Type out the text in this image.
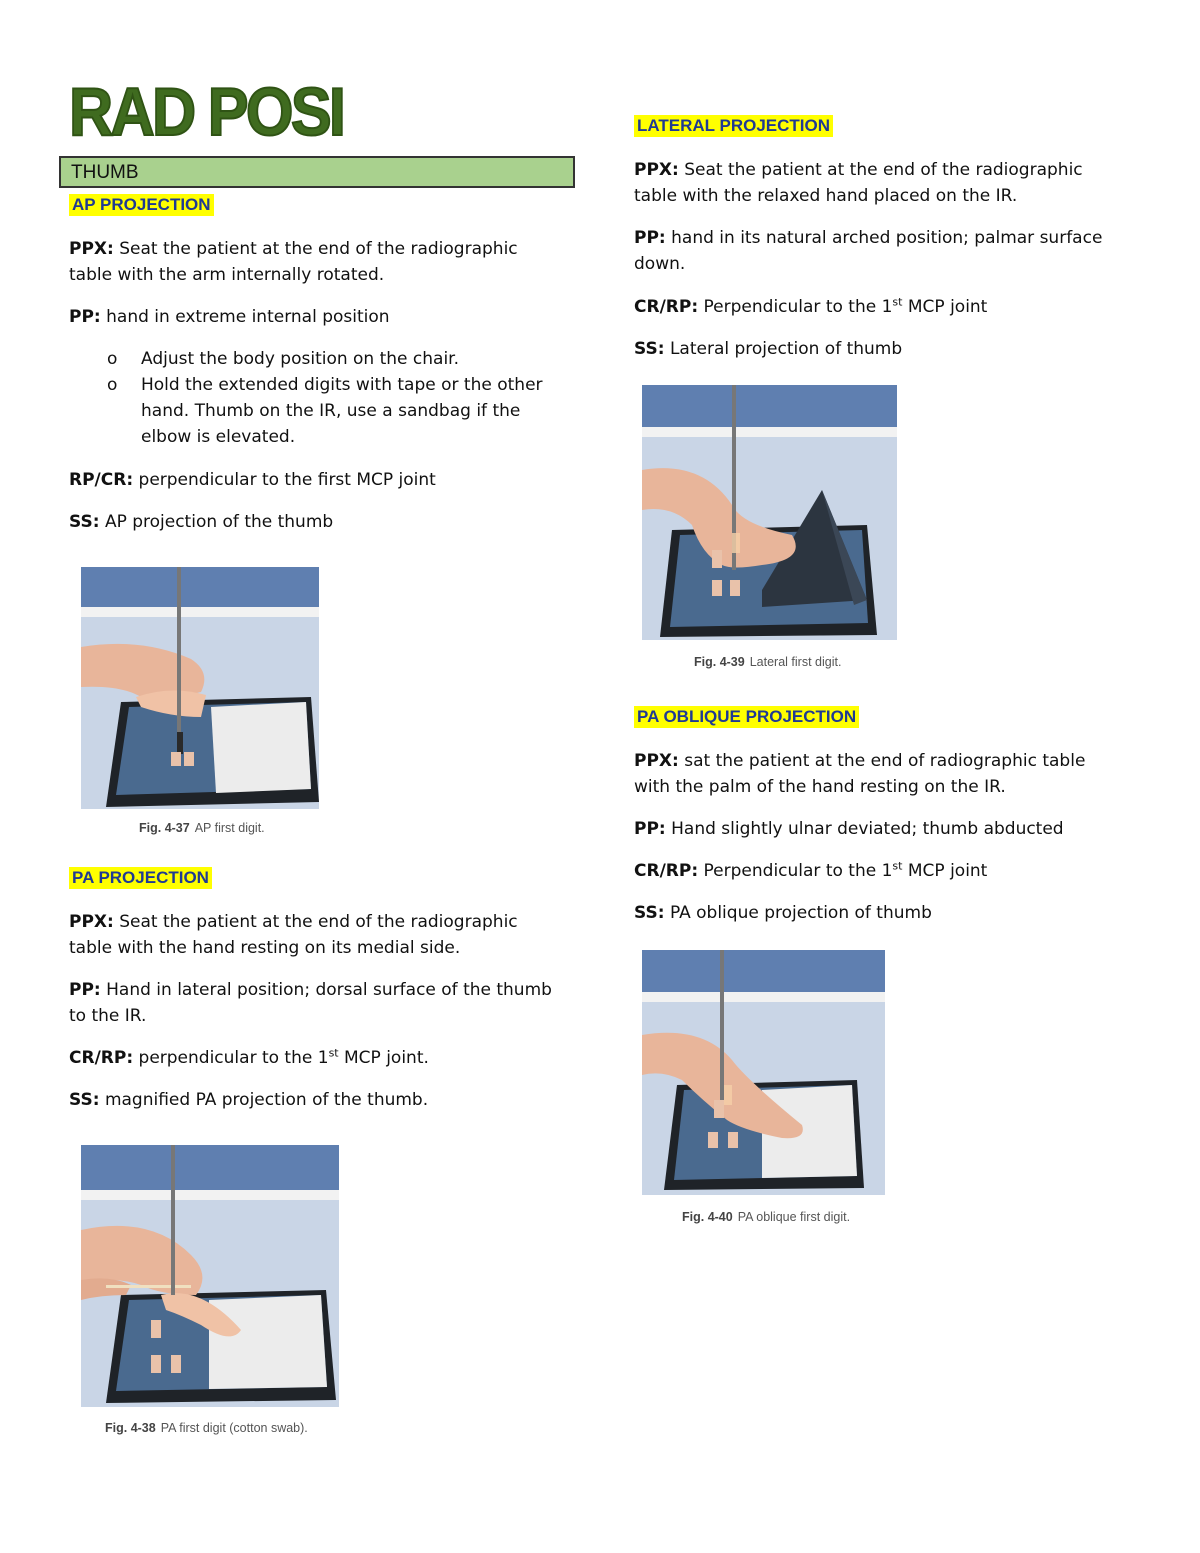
RAD POSI
THUMB
AP PROJECTION

PPX: Seat the patient at the end of the radiographic table with the arm internally rotated.

PP: hand in extreme internal position

o Adjust the body position on the chair.
o Hold the extended digits with tape or the other hand. Thumb on the IR, use a sandbag if the elbow is elevated.

RP/CR: perpendicular to the first MCP joint

SS: AP projection of the thumb

Fig. 4-37 AP first digit.
PA PROJECTION

PPX: Seat the patient at the end of the radiographic table with the hand resting on its medial side.

PP: Hand in lateral position; dorsal surface of the thumb to the IR.

CR/RP: perpendicular to the 1st MCP joint.

SS: magnified PA projection of the thumb.

Fig. 4-38 PA first digit (cotton swab).
LATERAL PROJECTION

PPX: Seat the patient at the end of the radiographic table with the relaxed hand placed on the IR.

PP: hand in its natural arched position; palmar surface down.

CR/RP: Perpendicular to the 1st MCP joint

SS: Lateral projection of thumb

Fig. 4-39 Lateral first digit.
PA OBLIQUE PROJECTION

PPX: sat the patient at the end of radiographic table with the palm of the hand resting on the IR.

PP: Hand slightly ulnar deviated; thumb abducted

CR/RP: Perpendicular to the 1st MCP joint

SS: PA oblique projection of thumb

Fig. 4-40 PA oblique first digit.
